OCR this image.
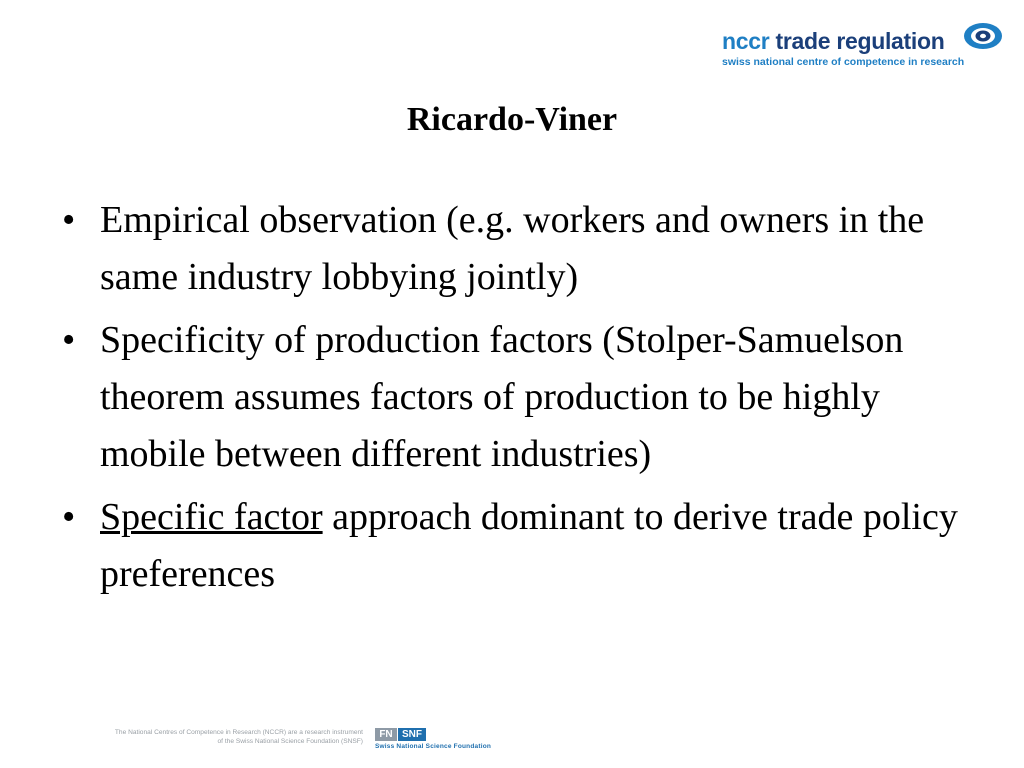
nccr trade regulation
swiss national centre of competence in research
Ricardo-Viner
• Empirical observation (e.g. workers and owners in the same industry lobbying jointly)
• Specificity of production factors (Stolper-Samuelson theorem assumes factors of production to be highly mobile between different industries)
• Specific factor approach dominant to derive trade policy preferences
The National Centres of Competence in Research (NCCR) are a research instrument
of the Swiss National Science Foundation (SNSF)
FN SNF
Swiss National Science Foundation
